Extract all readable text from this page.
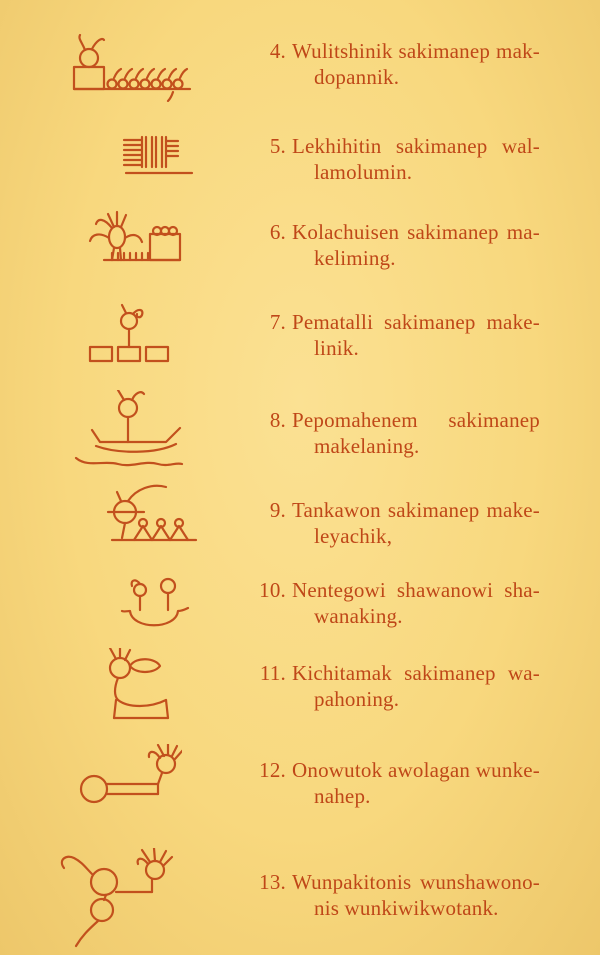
4. Wulitshinik sakimanep mak-
dopannik.
5. Lekhihitin sakimanep wal-
lamolumin.
6. Kolachuisen sakimanep ma-
keliming.
7. Pematalli sakimanep make-
linik.
8. Pepomahenem sakimanep
makelaning.
9. Tankawon sakimanep make-
leyachik,
10. Nentegowi shawanowi sha-
wanaking.
11. Kichitamak sakimanep wa-
pahoning.
12. Onowutok awolagan wunke-
nahep.
13. Wunpakitonis wunshawono-
nis wunkiwikwotank.
